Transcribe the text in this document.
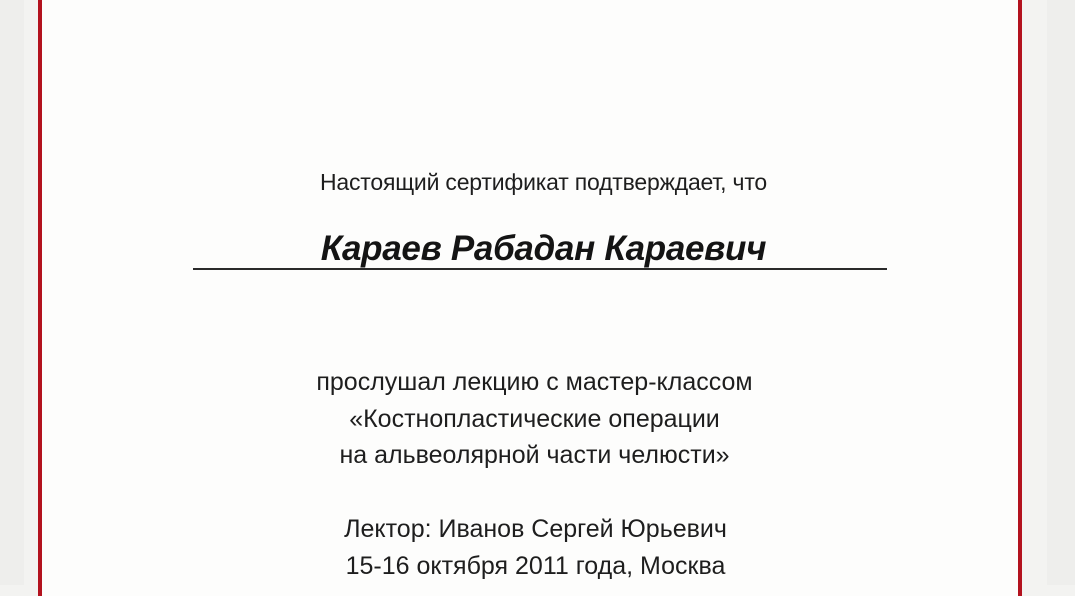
Настоящий сертификат подтверждает, что
Караев Рабадан Караевич
прослушал лекцию с мастер-классом
«Костнопластические операции
на альвеолярной части челюсти»
Лектор: Иванов Сергей Юрьевич
15-16 октября 2011 года, Москва
